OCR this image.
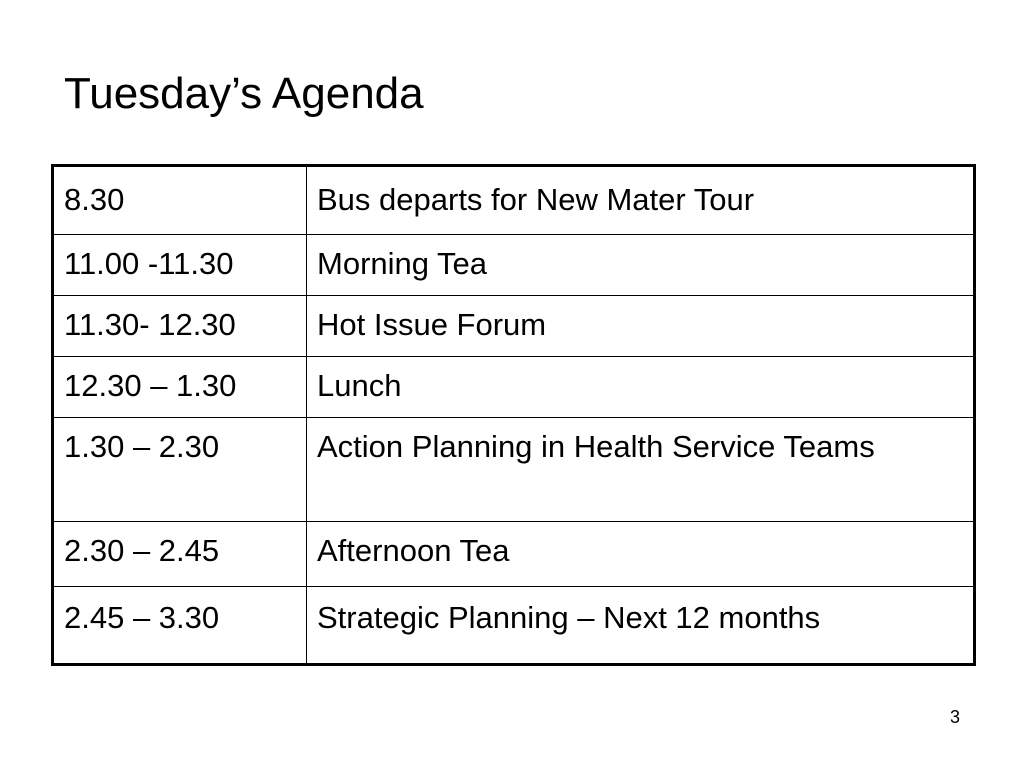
Tuesday’s Agenda
8.30	Bus departs for New Mater Tour
11.00 -11.30	Morning Tea
11.30- 12.30	Hot Issue Forum
12.30 – 1.30	Lunch
1.30 – 2.30	Action Planning in Health Service Teams
2.30 – 2.45	Afternoon Tea
2.45 – 3.30	Strategic Planning – Next 12 months
3
